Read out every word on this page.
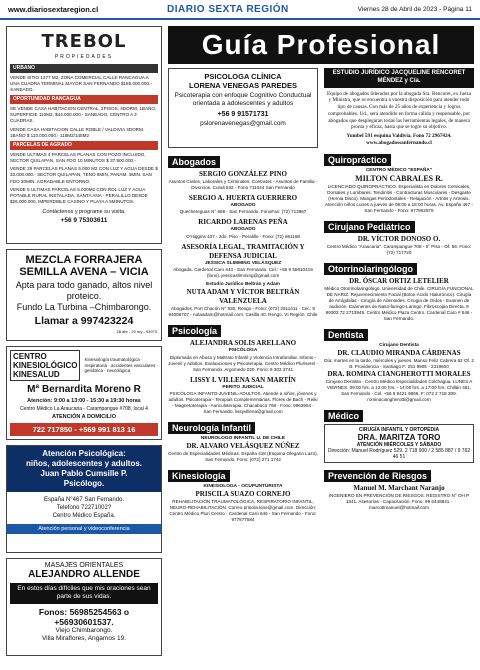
www.diariosextaregion.cl	DIARIO SEXTA REGIÓN	Viernes 28 de Abril de 2023 - Página 11
TREBOL
PROPIEDADES
URBANO

VENDE SITIO 1377 M2, ZONA COMERCIAL CALLE RANCAGUA A UNA CUADRA TERMINAL MAYOR SAN FERNANDO $185.000.000.- SANEADO.

OPORTUNIDAD RANCAGUA

SE VENDE CASA HABITACION CENTRAL, 2PISOS, 4DORM, 1BAÑO, SUPERFICIE 110M2, $44.000.000.- SANEADO, CENTRO A 2 CUADRAS.

VENDE CASA HABITACION CALLE ROBLE / VALDIVIA 4DORM. 1BAÑO $ 110.000.000.- 116M2/145M2

PARCELAS DE AGRADO

VENDE ULTIMAS 4 PARCELAS PLANAS CON POZO INCLUIDO, SECTOR QUILAPAN, SAN FDO 10 MINUTOS $ 37.500.000.-

VENDE 29 PARCELAS PLANAS 5.000 M2 CON LUZ Y AGUA DESDE $ 33.000.000.- SECTOR QUILAPAN, TENO 8MIN, PANAM. 3MIN. SAN FDO 20MIN. AGRADABLE ENTORNO.

VENDE 5 ULTIMAS PARCELAS 5.000M2 CON ROL LUZ Y AGUA POTABLE RURAL INSTALADA, SANTA ANA - PERALILLO DESDE $26.000.000, IMPERDIBLE CASINO Y PLAYA A 5MINUTOS.

Contáctenos y programe su visita.
+56 9 75303611
MEZCLA FORRAJERA
SEMILLA AVENA – VICIA
Apta para todo ganado, altos nivel proteico.
Fundo La Turbina –Chimbarongo.
Llamar a 997423224
28 abr - 20 my - 93973
CENTRO KINESIOLÓGICO KINESALUD
Kinesiología traumatológica · respiratoria · accidentes vasculares · geriátrica · neurológica
Mª Bernardita Moreno R
Atención: 9:00 a 13:00 - 15:30 a 19:30 horas
Centro Médico La Araucaria - Carampangue #708, local 4
ATENCIÓN A DOMICILIO
722 717850 - +569 991 813 16
Atención Psicológica:
niños, adolescentes y adultos.
Juan Pablo Cumsille P.
Psicólogo.
España N°467 San Fernando.
Telefono 72271002?
Centro Médico España.
Atención personal y videoconferencia
MASAJES ORIENTALES
ALEJANDRO ALLENDE
En estos días difíciles que mis oraciones sean parte de sus vidas.
Fonos: 56985254563 o +56930601537.
Viejo Chimbarongo.
Villa Miraflores, Angamos 19.
Guía Profesional
PSICOLOGA CLÍNICA
LORENA VENEGAS PAREDES
Psicoterapia con enfoque Cognitivo Conductual orientada a adolescentes y adultos
+56 9 91571731
pslorenavenegas@gmail.com
Abogados
SERGIO GONZÁLEZ PINO
Asuntos Civiles, Laborales y Criminales. Contratos - Asuntos de Familia - Divorcios. Curali 532 - Fono 711044 San Fernando
SERGIO A. HUERTA GUERRERO
ABOGADO
Quechereguas N° 688 - San Fernando. FonoFax: (72) 713967
RICARDO LARENAS PEÑA
ABOGADO
O'Higgins 437 - 2do. Piso - Peralillo - Fono: (72) 861168
ASESORÍA LEGAL, TRAMITACIÓN Y DEFENSA JUDICIAL
JESSICA SLIMMING VELÁSQUEZ
Abogada. Cardenal Caro 444 - San Fernando. Cel.: +56 9 55610419 (fono). jessicaslimming@gmail.com
Estudio Jurídico Beltrán y Adam
NUTA ADAM Y VÍCTOR BELTRÁN VALENZUELA
Abogados. Port Chacón N° 930, Rengo - Fono: (072) 2511411 - Cel.: 9 94006707 - nutaadam@hotmail.com. Casilla 40. Rengo. VI Región. Chile
Psicología
ALEJANDRA SOLIS ARELLANO
PSICÓLOGA
Diplomada en Abuso y Maltrato Infantil y Violencia Intrafamiliar. Infanto - Juvenil y Adultos. Evaluaciones y Psicoterapia. Centro Médico Pluriserel - San Fernando. Argomedo 020. Fono: 6 303 3741
LISSY I. VILLENA SAN MARTÍN
PERITO JUDICIAL
PSICÓLOGA INFANTO-JUVENIL-ADULTOS. Atiende a niños, jóvenes y adultos. Psicoterapia - Terapias Complementarias. Flores de Bach - Reiki - Magnetoterapia - Auriculoterapia. Chacabuco 768 - Fono: 9963954 - San Fernando. lissyvillena@gmail.com
Neurología Infantil
NEUROLOGO INFANTIL U. DE CHILE
DR. ALVARO VELÁSQUEZ NÚÑEZ
Centro de Especialidades Médicas. España 418 (Esquina Olegario Lazo), San Fernando. Fono: (072) 271 1742
Kinesiología
KINESIOLOGA - OCUPUNTURISTA
PRISCILA SUAZO CORNEJO
REHABILITACIÓN TRAUMATOLÓGICA, RESPIRATORIO INFANTIL, NEURO-REHABILITACIÓN. Correo priscila.kine@gmail.com. Dirección: Centro Médico Pluri Centro - Cardenal Caro 646 - San Fernando - Fono: 977877584
ESTUDIO JURÍDICO JACQUELINE RENCORET MÉNDEZ y Cía.
Equipo de abogados liderados por la abogada Sra. Rencoret, ex Jueza y Ministra, que se encuentra a vuestra disposición para atender todo tipo de causas. Con más de 25 años de experiencia y logros comprobables. Ud., será atendido en forma cálida y responsable, por abogados que desplegaran todas las herramientas legales, de manera pronta y eficaz, hasta que se logre su objetivo.
Yumbel 591 esquina Valdivia. Fono 72 2967424. www.abogadossanfernando.cl
Quiropráctico
CENTRO MÉDICO "ESPAÑA"
MILTON CABRALES R.
LICENCIADO QUIROPRÁCTICO. Especialista en Dolores Cervicales, Dorsales y Lumbares. Tendinitis - Contracturas Musculares - Desgaste (Hernia Disco). Mangas Periodontales - Relajación - Artritis y Artrosis. Atención niños Lunes a jueves de 09:00 a 18:00 horas. Av. España 467 - San Fernando - Fono: 977862879
Cirujano Pediátrico
DR. VÍCTOR DONOSO O.
Centro Médico "Araucaria". Carampangue 708 - 5° Piso - Of. 56. Fono: (72) 717720
Otorrinolaringólogo
DR. ÓSCAR ORTIZ LETELIER
Médico Otorrinolaringólogo. Universidad de Chile. CIRUGÍA FUNCIONAL DE NARIZ. Rejuvenecimiento Facial (Botox-Ácido Hialurónico). Cirugía de Amígdalas - Cirugía de Adenoides. Cirugía de Oídos - Examen de audición. Exámenes de Naso-faringo-Laringo. Fibroscopia Directa. 9 99303 72 2713949. Centro Médico Plaza Centro. Cardenal Caro # 646 - San Fernando.
Dentista
Cirujano Dentista
DR. CLAUDIO MIRANDA CÁRDENAS
Día: martes en la tarde, miércoles y jueves. Manso Feliz Cabrera 62 Of. 2 B. Providencia - Santiago F: 251 9905 - 2319600
DRA. ROMINA CIANGHEROTTI MORALES
Cirujano Dentista - Centro Médico Especialidades Colchagua. LUNES A VIERNES. 09:00 hrs. a 13:00 hrs. - 14:00 hrs. a 17:00 hrs. Chillán 461, San Fernando - Cel. +56 9 9421 9866. F: 072 2 718 309. rominaciangherotti@gmail.com
Médico
CIRUGÍA INFANTIL Y ORTOPEDIA
DRA. MARITZA TORO
ATENCIÓN MIÉRCOLES Y SÁBADO
Dirección: Manuel Rodríguez 529. 2 718 900 / 2 585 887 / 9 762 46 51
Prevención de Riesgos
Manuel M. Marchant Naranjo
INGENIERO EN PREVENCIÓN DE RIESGOS. REGISTRO N° OH P 1341. Asesorías - Capacitación. Fono: 99 6448841 · marcottmanuel@hotmail.com
